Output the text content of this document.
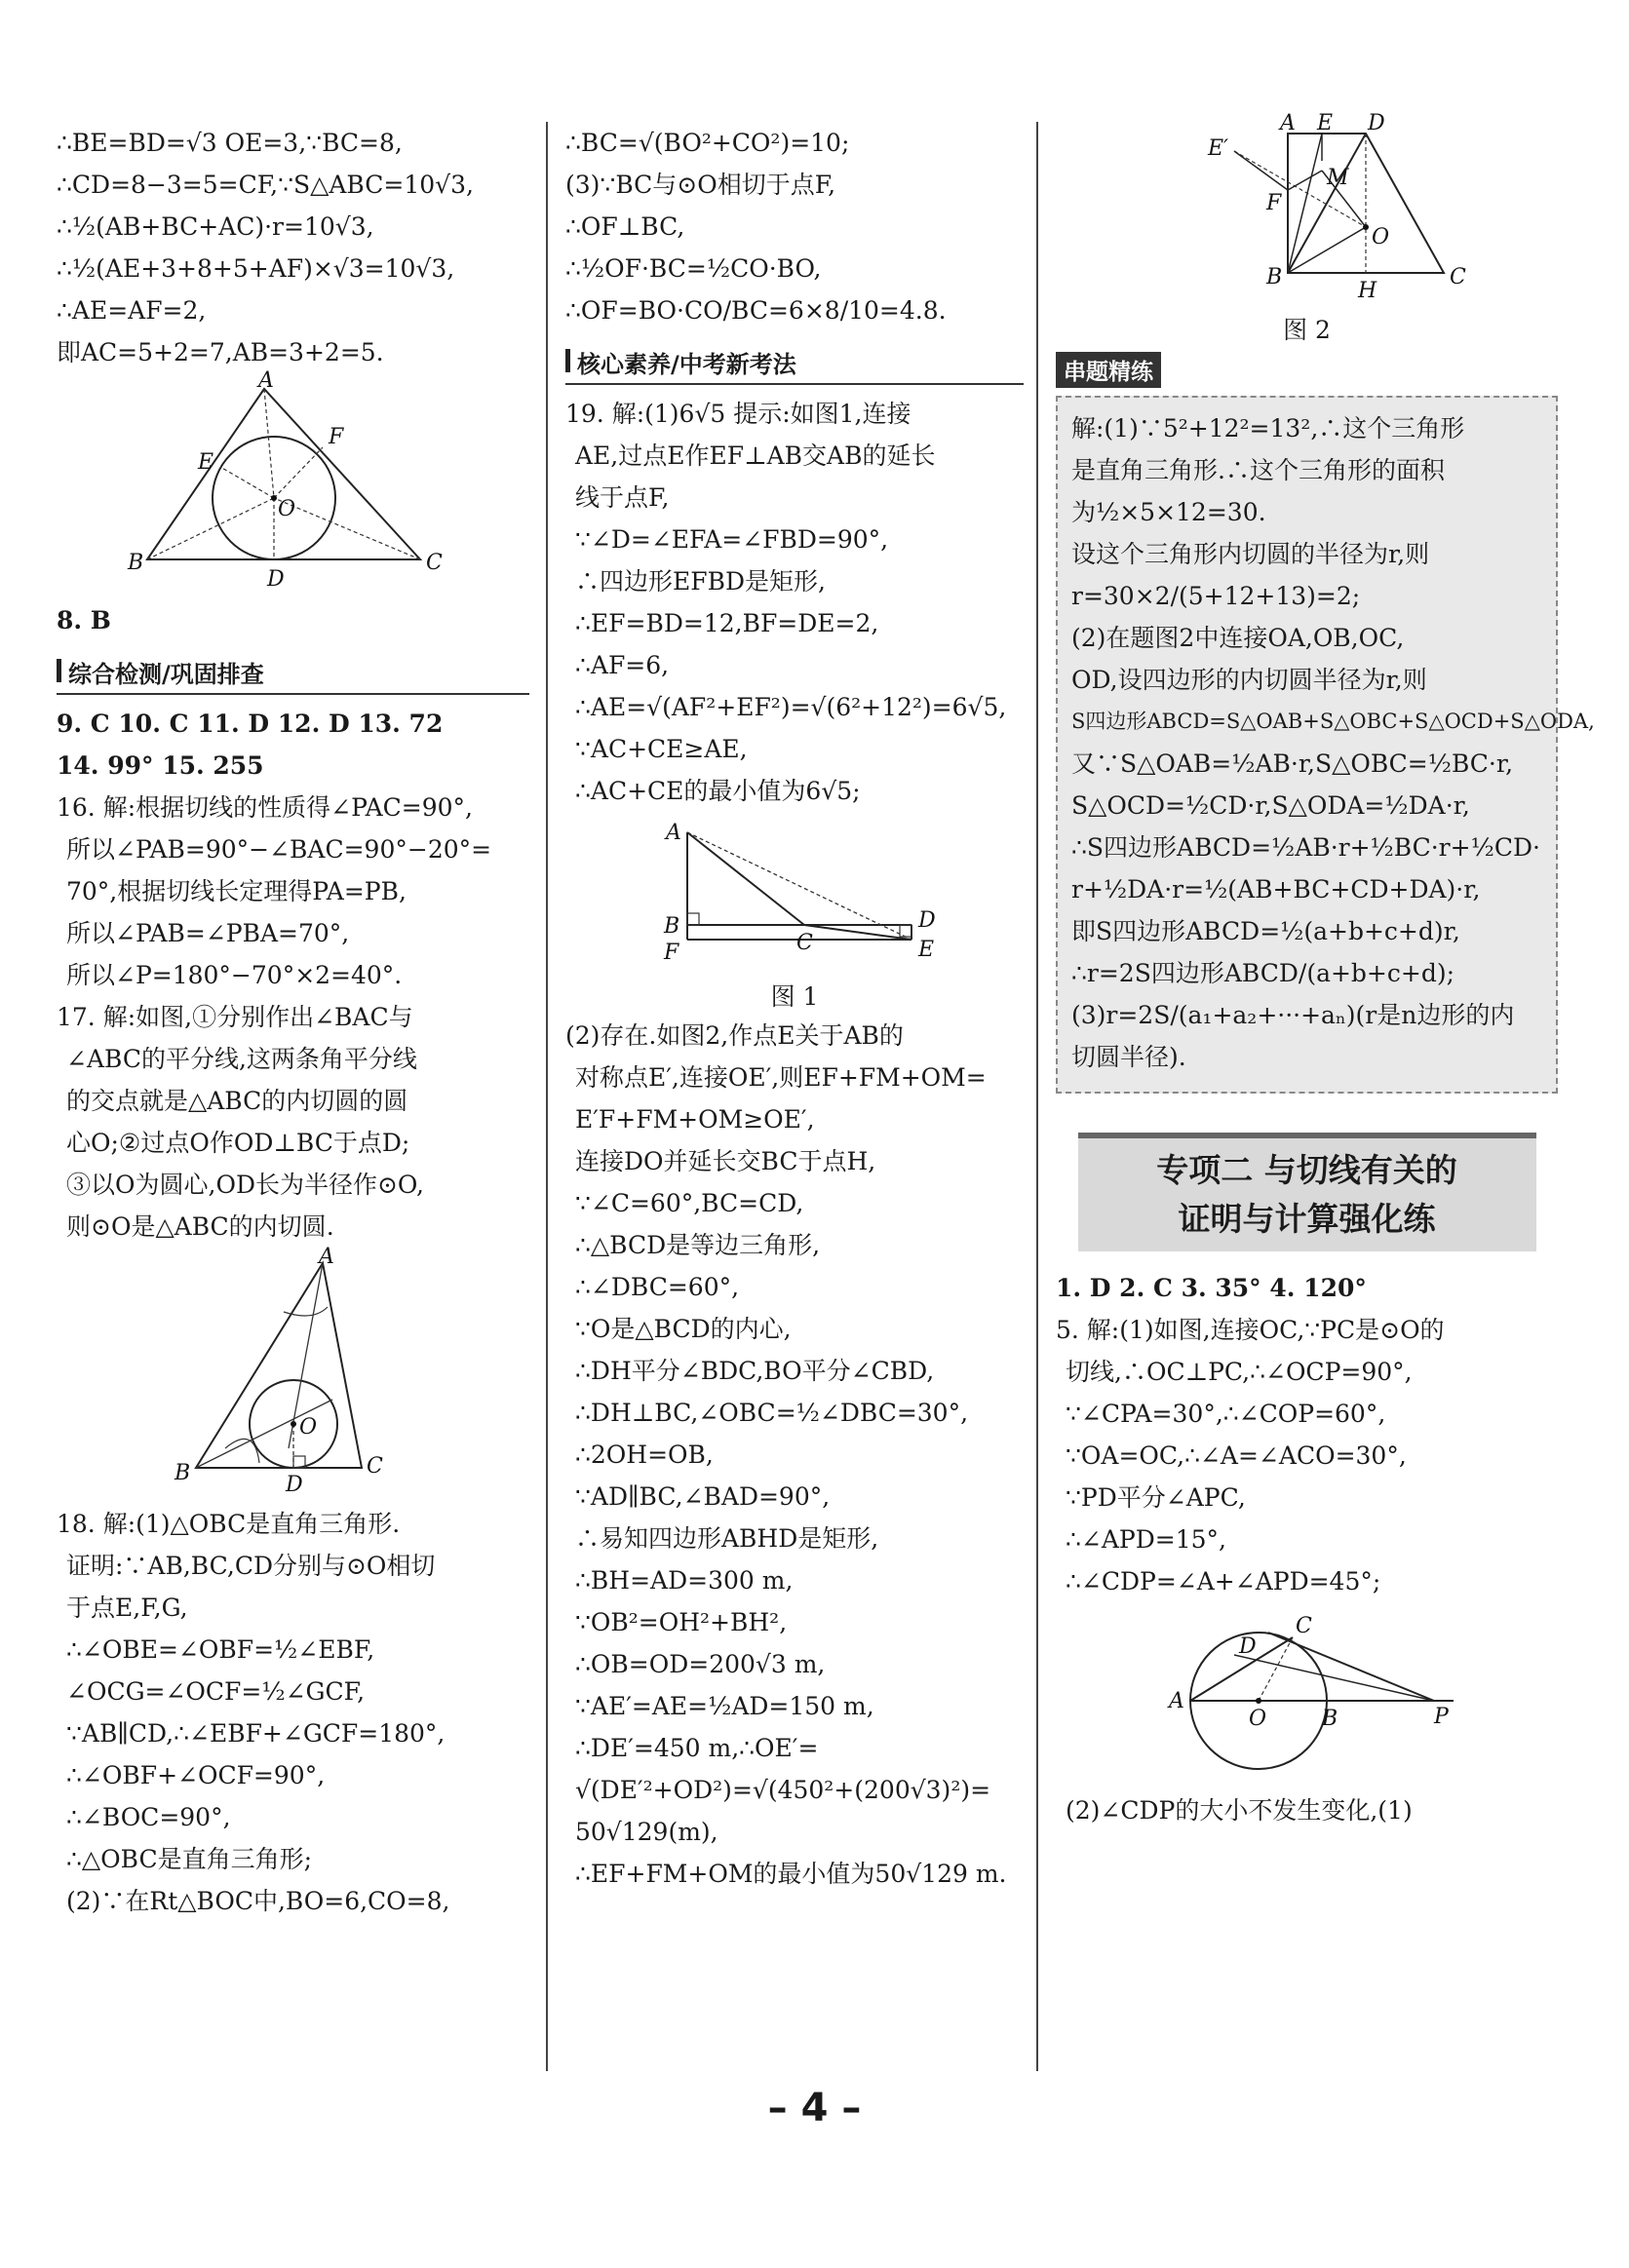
∴BE=BD=√3 OE=3,∵BC=8,
∴CD=8−3=5=CF,∵S△ABC=10√3,
∴½(AB+BC+AC)·r=10√3,
∴½(AE+3+8+5+AF)×√3=10√3,
∴AE=AF=2,
即AC=5+2=7,AB=3+2=5.
A
B	C
D
E
F
O
8. B
综合检测/巩固排查
9. C 10. C 11. D 12. D 13. 72
14. 99° 15. 255
16. 解:根据切线的性质得∠PAC=90°,
所以∠PAB=90°−∠BAC=90°−20°=
70°,根据切线长定理得PA=PB,
所以∠PAB=∠PBA=70°,
所以∠P=180°−70°×2=40°.
17. 解:如图,①分别作出∠BAC与
∠ABC的平分线,这两条角平分线
的交点就是△ABC的内切圆的圆
心O;②过点O作OD⊥BC于点D;
③以O为圆心,OD长为半径作⊙O,
则⊙O是△ABC的内切圆.
A
B	C
D
O
18. 解:(1)△OBC是直角三角形.
证明:∵AB,BC,CD分别与⊙O相切
于点E,F,G,
∴∠OBE=∠OBF=½∠EBF,
∠OCG=∠OCF=½∠GCF,
∵AB∥CD,∴∠EBF+∠GCF=180°,
∴∠OBF+∠OCF=90°,
∴∠BOC=90°,
∴△OBC是直角三角形;
(2)∵在Rt△BOC中,BO=6,CO=8,
∴BC=√(BO²+CO²)=10;
(3)∵BC与⊙O相切于点F,
∴OF⊥BC,
∴½OF·BC=½CO·BO,
∴OF=BO·CO/BC=6×8/10=4.8.
核心素养/中考新考法
19. 解:(1)6√5 提示:如图1,连接
AE,过点E作EF⊥AB交AB的延长
线于点F,
∵∠D=∠EFA=∠FBD=90°,
∴四边形EFBD是矩形,
∴EF=BD=12,BF=DE=2,
∴AF=6,
∴AE=√(AF²+EF²)=√(6²+12²)=6√5,
∵AC+CE≥AE,
∴AC+CE的最小值为6√5;
A
B
C
D
E
F
图 1
(2)存在.如图2,作点E关于AB的
对称点E′,连接OE′,则EF+FM+OM=
E′F+FM+OM≥OE′,
连接DO并延长交BC于点H,
∵∠C=60°,BC=CD,
∴△BCD是等边三角形,
∴∠DBC=60°,
∵O是△BCD的内心,
∴DH平分∠BDC,BO平分∠CBD,
∴DH⊥BC,∠OBC=½∠DBC=30°,
∴2OH=OB,
∵AD∥BC,∠BAD=90°,
∴易知四边形ABHD是矩形,
∴BH=AD=300 m,
∵OB²=OH²+BH²,
∴OB=OD=200√3 m,
∵AE′=AE=½AD=150 m,
∴DE′=450 m,∴OE′=
√(DE′²+OD²)=√(450²+(200√3)²)=
50√129(m),
∴EF+FM+OM的最小值为50√129 m.
A E D
E′
M
F
O
B
H
C
图 2
串题精练
解:(1)∵5²+12²=13²,∴这个三角形
是直角三角形.∴这个三角形的面积
为½×5×12=30.
设这个三角形内切圆的半径为r,则
r=30×2/(5+12+13)=2;
(2)在题图2中连接OA,OB,OC,
OD,设四边形的内切圆半径为r,则
S四边形ABCD=S△OAB+S△OBC+S△OCD+S△ODA,
又∵S△OAB=½AB·r,S△OBC=½BC·r,
S△OCD=½CD·r,S△ODA=½DA·r,
∴S四边形ABCD=½AB·r+½BC·r+½CD·
r+½DA·r=½(AB+BC+CD+DA)·r,
即S四边形ABCD=½(a+b+c+d)r,
∴r=2S四边形ABCD/(a+b+c+d);
(3)r=2S/(a₁+a₂+···+aₙ)(r是n边形的内
切圆半径).
专项二 与切线有关的
证明与计算强化练
1. D 2. C 3. 35° 4. 120°
5. 解:(1)如图,连接OC,∵PC是⊙O的
切线,∴OC⊥PC,∴∠OCP=90°,
∵∠CPA=30°,∴∠COP=60°,
∵OA=OC,∴∠A=∠ACO=30°,
∵PD平分∠APC,
∴∠APD=15°,
∴∠CDP=∠A+∠APD=45°;
A
O	B	P
C
D
(2)∠CDP的大小不发生变化,(1)
– 4 –
